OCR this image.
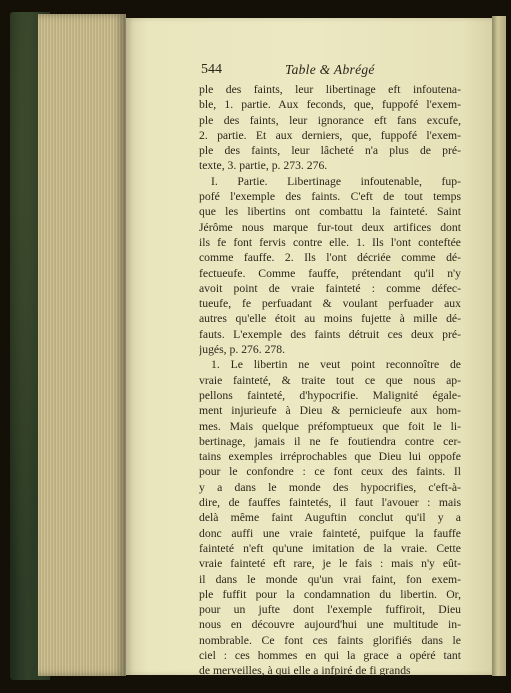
544	Table & Abrégé
ple des faints, leur libertinage eft infoutena-
ble, 1. partie. Aux feconds, que, fuppofé l'exem-
ple des faints, leur ignorance eft fans excufe,
2. partie. Et aux derniers, que, fuppofé l'exem-
ple des faints, leur lâcheté n'a plus de pré-
texte, 3. partie, p. 273. 276.
I. Partie. Libertinage infoutenable, fup-
pofé l'exemple des faints. C'eft de tout temps
que les libertins ont combattu la fainteté. Saint
Jérôme nous marque fur-tout deux artifices dont
ils fe font fervis contre elle. 1. Ils l'ont conteftée
comme fauffe. 2. Ils l'ont décriée comme dé-
fectueufe. Comme fauffe, prétendant qu'il n'y
avoit point de vraie fainteté : comme défec-
tueufe, fe perfuadant & voulant perfuader aux
autres qu'elle étoit au moins fujette à mille dé-
fauts. L'exemple des faints détruit ces deux pré-
jugés, p. 276. 278.
1. Le libertin ne veut point reconnoître de
vraie fainteté, & traite tout ce que nous ap-
pellons fainteté, d'hypocrifie. Malignité égale-
ment injurieufe à Dieu & pernicieufe aux hom-
mes. Mais quelque préfomptueux que foit le li-
bertinage, jamais il ne fe foutiendra contre cer-
tains exemples irréprochables que Dieu lui oppofe
pour le confondre : ce font ceux des faints. Il
y a dans le monde des hypocrifies, c'eft-à-
dire, de fauffes faintetés, il faut l'avouer : mais
delà même faint Auguftin conclut qu'il y a
donc auffi une vraie fainteté, puifque la fauffe
fainteté n'eft qu'une imitation de la vraie. Cette
vraie fainteté eft rare, je le fais : mais n'y eût-
il dans le monde qu'un vrai faint, fon exem-
ple fuffit pour la condamnation du libertin. Or,
pour un jufte dont l'exemple fuffiroit, Dieu
nous en découvre aujourd'hui une multitude in-
nombrable. Ce font ces faints glorifiés dans le
ciel : ces hommes en qui la grace a opéré tant
de merveilles, à qui elle a infpiré de fi grands
